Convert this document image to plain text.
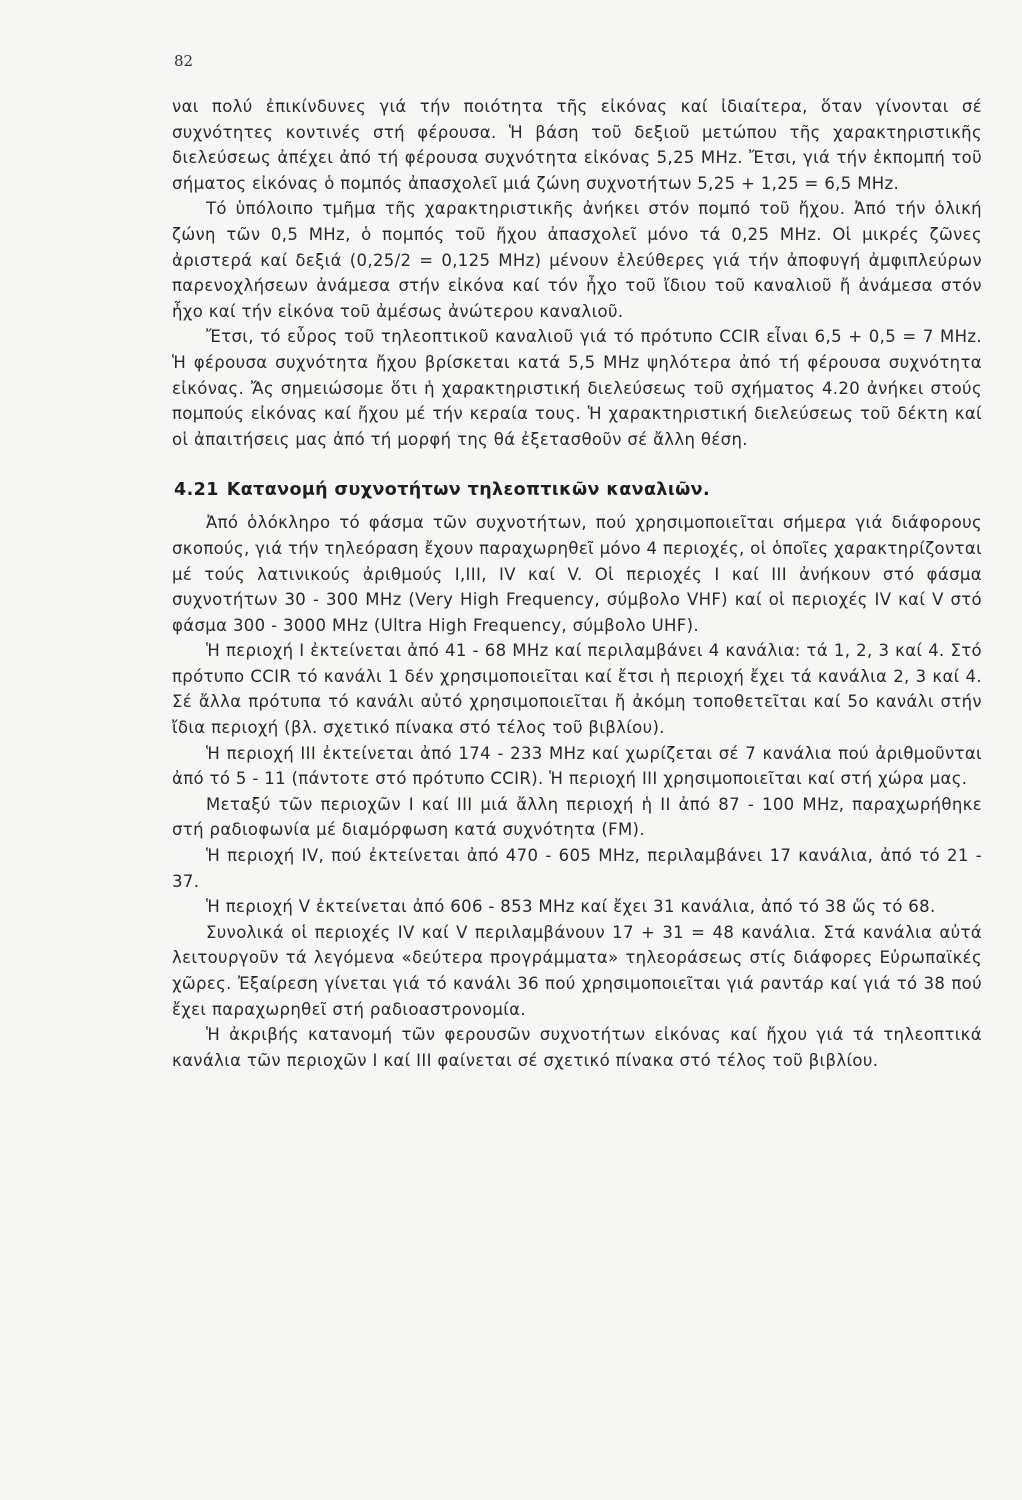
82

ναι πολύ ἐπικίνδυνες γιά τήν ποιότητα τῆς εἰκόνας καί ἰδιαίτερα, ὅταν γίνονται σέ συχνότητες κοντινές στή φέρουσα. Ἡ βάση τοῦ δεξιοῦ μετώπου τῆς χαρακτηριστικῆς διελεύσεως ἀπέχει ἀπό τή φέρουσα συχνότητα εἰκόνας 5,25 MHz. Ἔτσι, γιά τήν ἐκπομπή τοῦ σήματος εἰκόνας ὁ πομπός ἀπασχολεῖ μιά ζώνη συχνοτήτων 5,25 + 1,25 = 6,5 MHz.

Τό ὑπόλοιπο τμῆμα τῆς χαρακτηριστικῆς ἀνήκει στόν πομπό τοῦ ἤχου. Ἀπό τήν ὁλική ζώνη τῶν 0,5 MHz, ὁ πομπός τοῦ ἤχου ἀπασχολεῖ μόνο τά 0,25 MHz. Οἱ μικρές ζῶνες ἀριστερά καί δεξιά (0,25/2 = 0,125 MHz) μένουν ἐλεύθερες γιά τήν ἀποφυγή ἀμφιπλεύρων παρενοχλήσεων ἀνάμεσα στήν εἰκόνα καί τόν ἦχο τοῦ ἴδιου τοῦ καναλιοῦ ἤ ἀνάμεσα στόν ἦχο καί τήν εἰκόνα τοῦ ἀμέσως ἀνώτερου καναλιοῦ.

Ἔτσι, τό εὖρος τοῦ τηλεοπτικοῦ καναλιοῦ γιά τό πρότυπο CCIR εἶναι 6,5 + 0,5 = 7 MHz. Ἡ φέρουσα συχνότητα ἤχου βρίσκεται κατά 5,5 MHz ψηλότερα ἀπό τή φέρουσα συχνότητα εἰκόνας. Ἄς σημειώσομε ὅτι ἡ χαρακτηριστική διελεύσεως τοῦ σχήματος 4.20 ἀνήκει στούς πομπούς εἰκόνας καί ἤχου μέ τήν κεραία τους. Ἡ χαρακτηριστική διελεύσεως τοῦ δέκτη καί οἱ ἀπαιτήσεις μας ἀπό τή μορφή της θά ἐξετασθοῦν σέ ἄλλη θέση.

4.21 Κατανομή συχνοτήτων τηλεοπτικῶν καναλιῶν.

Ἀπό ὁλόκληρο τό φάσμα τῶν συχνοτήτων, πού χρησιμοποιεῖται σήμερα γιά διάφορους σκοπούς, γιά τήν τηλεόραση ἔχουν παραχωρηθεῖ μόνο 4 περιοχές, οἱ ὁποῖες χαρακτηρίζονται μέ τούς λατινικούς ἀριθμούς I,III, IV καί V. Οἱ περιοχές I καί III ἀνήκουν στό φάσμα συχνοτήτων 30 - 300 MHz (Very High Frequency, σύμβολο VHF) καί οἱ περιοχές IV καί V στό φάσμα 300 - 3000 MHz (Ultra High Frequency, σύμβολο UHF).

Ἡ περιοχή I ἐκτείνεται ἀπό 41 - 68 MHz καί περιλαμβάνει 4 κανάλια: τά 1, 2, 3 καί 4. Στό πρότυπο CCIR τό κανάλι 1 δέν χρησιμοποιεῖται καί ἔτσι ἡ περιοχή ἔχει τά κανάλια 2, 3 καί 4. Σέ ἄλλα πρότυπα τό κανάλι αὐτό χρησιμοποιεῖται ἤ ἀκόμη τοποθετεῖται καί 5ο κανάλι στήν ἴδια περιοχή (βλ. σχετικό πίνακα στό τέλος τοῦ βιβλίου).

Ἡ περιοχή III ἐκτείνεται ἀπό 174 - 233 MHz καί χωρίζεται σέ 7 κανάλια πού ἀριθμοῦνται ἀπό τό 5 - 11 (πάντοτε στό πρότυπο CCIR). Ἡ περιοχή III χρησιμοποιεῖται καί στή χώρα μας.

Μεταξύ τῶν περιοχῶν I καί III μιά ἄλλη περιοχή ἡ II ἀπό 87 - 100 MHz, παραχωρήθηκε στή ραδιοφωνία μέ διαμόρφωση κατά συχνότητα (FM).

Ἡ περιοχή IV, πού ἐκτείνεται ἀπό 470 - 605 MHz, περιλαμβάνει 17 κανάλια, ἀπό τό 21 - 37.

Ἡ περιοχή V ἐκτείνεται ἀπό 606 - 853 MHz καί ἔχει 31 κανάλια, ἀπό τό 38 ὥς τό 68.

Συνολικά οἱ περιοχές IV καί V περιλαμβάνουν 17 + 31 = 48 κανάλια. Στά κανάλια αὐτά λειτουργοῦν τά λεγόμενα «δεύτερα προγράμματα» τηλεοράσεως στίς διάφορες Εὐρωπαϊκές χῶρες. Ἐξαίρεση γίνεται γιά τό κανάλι 36 πού χρησιμοποιεῖται γιά ραντάρ καί γιά τό 38 πού ἔχει παραχωρηθεῖ στή ραδιοαστρονομία.

Ἡ ἀκριβής κατανομή τῶν φερουσῶν συχνοτήτων εἰκόνας καί ἤχου γιά τά τηλεοπτικά κανάλια τῶν περιοχῶν I καί III φαίνεται σέ σχετικό πίνακα στό τέλος τοῦ βιβλίου.
